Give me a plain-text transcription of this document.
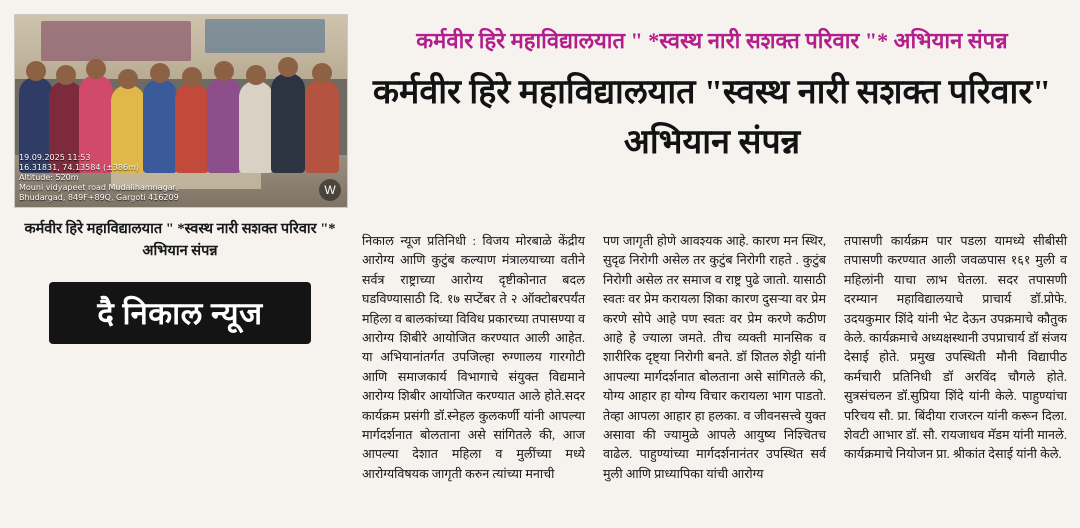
19.09.2025 11:53
16.31831, 74.13584 (±386m)
Altitude: 520m
Mouni vidyapeet road Mudalihamnagar,
Bhudargad, 849F+89Q, Gargoti 416209
W
कर्मवीर हिरे महाविद्यालयात " *स्वस्थ नारी सशक्त परिवार "* अभियान संपन्न
दै निकाल न्यूज

कर्मवीर हिरे महाविद्यालयात " *स्वस्थ नारी सशक्त परिवार "* अभियान संपन्न

कर्मवीर हिरे महाविद्यालयात "स्वस्थ नारी सशक्त परिवार" अभियान संपन्न

निकाल न्यूज प्रतिनिधी : विजय मोरबाळे केंद्रीय आरोग्य आणि कुटुंब कल्याण मंत्रालयाच्या वतीने सर्वत्र राष्ट्राच्या आरोग्य दृष्टीकोनात बदल घडविण्यासाठी दि. १७ सप्टेंबर ते २ ऑक्टोबरपर्यंत महिला व बालकांच्या विविध प्रकारच्या तपासण्या व आरोग्य शिबीरे आयोजित करण्यात आली आहेत. या अभियानांतर्गत उपजिल्हा रुग्णालय गारगोटी आणि समाजकार्य विभागाचे संयुक्त विद्यमाने आरोग्य शिबीर आयोजित करण्यात आले होते.सदर कार्यक्रम प्रसंगी डॉ.स्नेहल कुलकर्णी यांनी आपल्या मार्गदर्शनात बोलताना असे सांगितले की, आज आपल्या देशात महिला व मुलींच्या मध्ये आरोग्यविषयक जागृती करुन त्यांच्या मनाची

पण जागृती होणे आवश्यक आहे. कारण मन स्थिर, सुदृढ निरोगी असेल तर कुटुंब निरोगी राहते . कुटुंब निरोगी असेल तर समाज व राष्ट्र पुढे जातो. यासाठी स्वतः वर प्रेम करायला शिका कारण दुसऱ्या वर प्रेम करणे सोपे आहे पण स्वतः वर प्रेम करणे कठीण आहे हे ज्याला जमते. तीच व्यक्ती मानसिक व शारीरिक दृष्ट्या निरोगी बनते. डॉ शितल शेट्टी यांनी आपल्या मार्गदर्शनात बोलताना असे सांगितले की, योग्य आहार हा योग्य विचार करायला भाग पाडतो. तेव्हा आपला आहार हा हलका. व जीवनसत्त्वे युक्त असावा की ज्यामुळे आपले आयुष्य निश्चितच वाढेल. पाहुण्यांच्या मार्गदर्शनानंतर उपस्थित सर्व मुली आणि प्राध्यापिका यांची आरोग्य

तपासणी कार्यक्रम पार पडला यामध्ये सीबीसी तपासणी करण्यात आली जवळपास १६१ मुली व महिलांनी याचा लाभ घेतला. सदर तपासणी दरम्यान महाविद्यालयाचे प्राचार्य डॉ.प्रोफे. उदयकुमार शिंदे यांनी भेट देऊन उपक्रमाचे कौतुक केले. कार्यक्रमाचे अध्यक्षस्थानी उपप्राचार्य डॉ संजय देसाई होते. प्रमुख उपस्थिती मौनी विद्यापीठ कर्मचारी प्रतिनिधी डॉ अरविंद चौगले होते. सुत्रसंचलन डॉ.सुप्रिया शिंदे यांनी केले. पाहुण्यांचा परिचय सौ. प्रा. बिंदीया राजरत्न यांनी करून दिला. शेवटी आभार डॉ. सौ. रायजाधव मॅडम यांनी मानले. कार्यक्रमाचे नियोजन प्रा. श्रीकांत देसाई यांनी केले.
